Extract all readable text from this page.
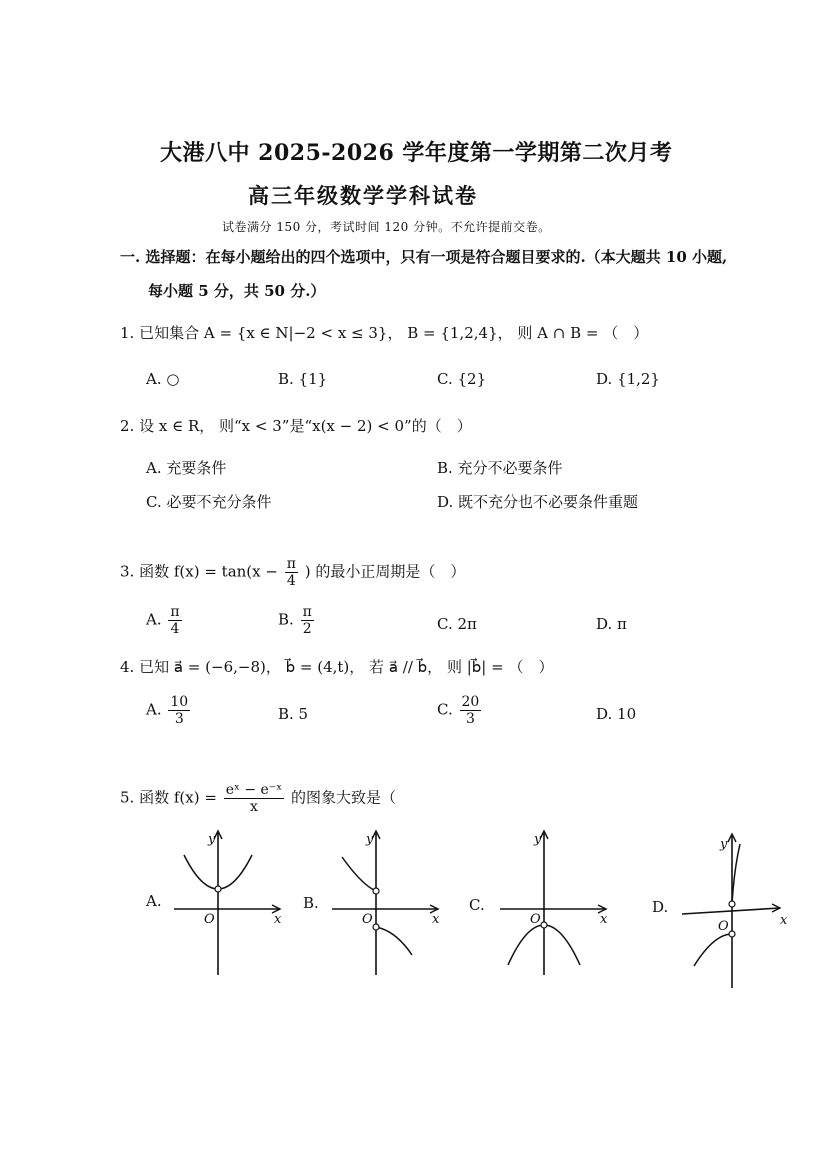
大港八中 2025-2026 学年度第一学期第二次月考
高三年级数学学科试卷
试卷满分 150 分，考试时间 120 分钟。不允许提前交卷。
一. 选择题：在每小题给出的四个选项中，只有一项是符合题目要求的.（本大题共 10 小题,
每小题 5 分，共 50 分.）
1. 已知集合 A = {x ∈ N|−2 < x ≤ 3}， B = {1,2,4}， 则 A ∩ B = （　）
A. ○	B. {1}	C. {2}	D. {1,2}
2. 设 x ∈ R， 则“x < 3”是“x(x − 2) < 0”的（　）
A. 充要条件	B. 充分不必要条件
C. 必要不充分条件	D. 既不充分也不必要条件重题
3. 函数 $f(x) = \tan(x - \frac{\pi}{4}$ ) 的最小正周期是（　）
A. $\frac{\pi}{4}$	B. $\frac{\pi}{2}$	C. 2π	D. π
4. 已知 a⃗ = (−6,−8)， b⃗ = (4,t)， 若 a⃗ // b⃗， 则 |b⃗| = （　）
A. $\frac{10}{3}$	B. 5	C. $\frac{20}{3}$	D. 10
5. 函数 $f(x) = \frac{\text{eˣ − e⁻ˣ}}{x}$ 的图象大致是（
A.	B.	C.	D.
y
x
O
y
x
O
y
x
O
y
x
O
